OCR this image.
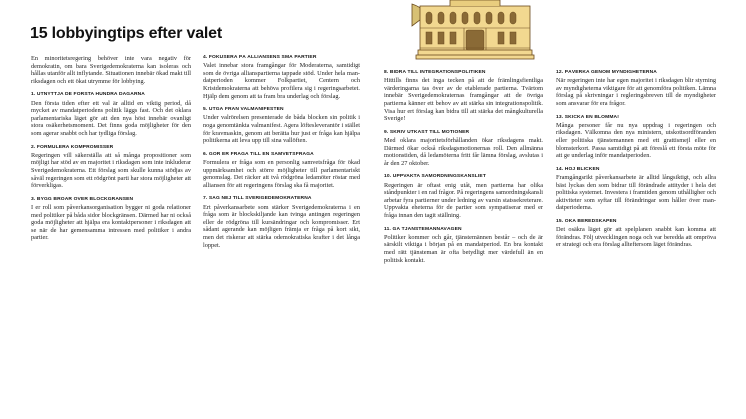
15 lobbyingtips efter valet

En minoritetsregering behöver inte vara negativ för demokratin, om bara Sverigedemokraterna kan isoleras och hållas utanför allt inflytande. Situationen innebär ökad makt till riksdagen och ett ökat utrymme för lobbying.

1. UTNYTTJA DE FÖRSTA HUNDRA DAGARNA

Den första tiden efter ett val är alltid en viktig period, då mycket av mandatperiodens politik läggs fast. Och det oklara parlamentariska läget gör att den nya höst innebär ovanligt stora osäkerhetsmoment. Det finns goda möjligheter för den som agerar snabbt och har tydliga förslag.

2. FORMULERA KOMPROMISSER

Regeringen vill säkerställa att så många propositioner som möjligt har stöd av en majoritet i riksdagen som inte inkluderar Sverigedemokraterna. Ett förslag som skulle kunna stödjas av såväl regeringen som ett rödgrönt parti har stora möjligheter att förverkligas.

3. BYGG BROAR ÖVER BLOCKGRÄNSEN

I er roll som påverkansorganisation bygger ni goda relationer med politiker på båda sidor blockgränsen. Därmed har ni också goda möjligheter att hjälpa era kontaktpersoner i riksdagen att se när de har gemensamma intressen med politiker i andra partier.

4. FOKUSERA PÅ ALLIANSENS SMÅ PARTIER

Valet innebar stora framgångar för Moderaterna, samtidigt som de övriga allianspartierna tappade stöd. Under hela mandatperioden kommer Folkpartiet, Centern och Kristdemokraterna att behöva profilera sig i regeringsarbetet. Hjälp dem genom att ta fram bra underlag och förslag.

5. UTGÅ FRÅN VALMANIFESTEN

Under valrörelsen presenterade de båda blocken sin politik i noga genomtänkta valmanifest. Agera löftesleverantör i stället för kravmaskin, genom att berätta hur just er fråga kan hjälpa politikerna att leva upp till sina vallöften.

6. GÖR ER FRÅGA TILL EN SAMVETSFRÅGA

Formulera er fråga som en personlig samvetsfråga för ökad uppmärksamhet och större möjligheter till parlamentariskt genomslag. Det räcker att två rödgröna ledamöter röstar med alliansen för att regeringens förslag ska få majoritet.

7. SÄG NEJ TILL SVERIGEDEMOKRATERNA

Ert påverkansarbete som stärker Sverigedemokraterna i en fråga som är blockskiljande kan tvinga antingen regeringen eller de rödgröna till kursändringar och kompromisser. Ert sådant agerande kan möjligen främja er fråga på kort sikt, men det riskerar att stärka odemokratiska krafter i det långa loppet.

8. BIDRA TILL INTEGRATIONSPOLITIKEN

Hittills finns det inga tecken på att de främlingsfientliga värderingarna tas över av de etablerade partierna. Tvärtom innebär Sverigedemokraternas framgångar att de övriga partierna känner ett behov av att stärka sin integrationspolitik. Visa hur ert förslag kan bidra till att stärka det mångkulturella Sverige!

9. SKRIV UTKAST TILL MOTIONER

Med oklara majoritetsförhållanden ökar riksdagens makt. Därmed ökar också riksdagsmotionernas roll. Den allmänna motionstiden, då ledamöterna fritt får lämna förslag, avslutas i år den 27 oktober.

10. UPPVAKTA SAMORDNINGSKANSLIET

Regeringen är oftast enig utåt, men partierna har olika ståndpunkter i en rad frågor. På regeringens samordningskansli arbetar fyra partierner under ledning av varsin statssekreterare. Uppvakta eheterna för de partier som sympatiserar med er fråga innan den tagit ställning.

11. GÅ TJÄNSTEMANNAVÄGEN

Politiker kommer och går, tjänstemännen består – och de är särskilt viktiga i början på en mandatperiod. En bra kontakt med rätt tjänsteman är ofta betydligt mer värdefull än en politisk kontakt.

12. PÅVERKA GENOM MYNDIGHETERNA

När regeringen inte har egen majoritet i riksdagen blir styrning av myndigheterna viktigare för att genomföra politiken. Lämna förslag på skrivningar i regleringsbreven till de myndigheter som ansvarar för era frågor.

13. SKICKA EN BLOMMA!

Många personer får nu nya uppdrag i regeringen och riksdagen. Välkomna den nya ministern, utskottsordföranden eller politiska tjänstemannen med ett grattismejl eller en blomsterkort. Passa samtidigt på att föreslå ett första möte för att ge underlag inför mandatperioden.

14. HÖJ BLICKEN

Framgångsrikt påverkansarbete är alltid långsiktigt, och allra bäst lyckas den som bidrar till förändrade attityder i hela det politiska systemet. Investera i framtiden genom uthålligher och aktiviteter som syftar till förändringar som håller över mandatperioderna.

15. ÖKA BEREDSKAPEN

Det osäkra läget gör att spelplanen snabbt kan komma att förändras. Följ utvecklingen noga och var beredda att ompröva er strategi och era förslag allteftersom läget förändras.
